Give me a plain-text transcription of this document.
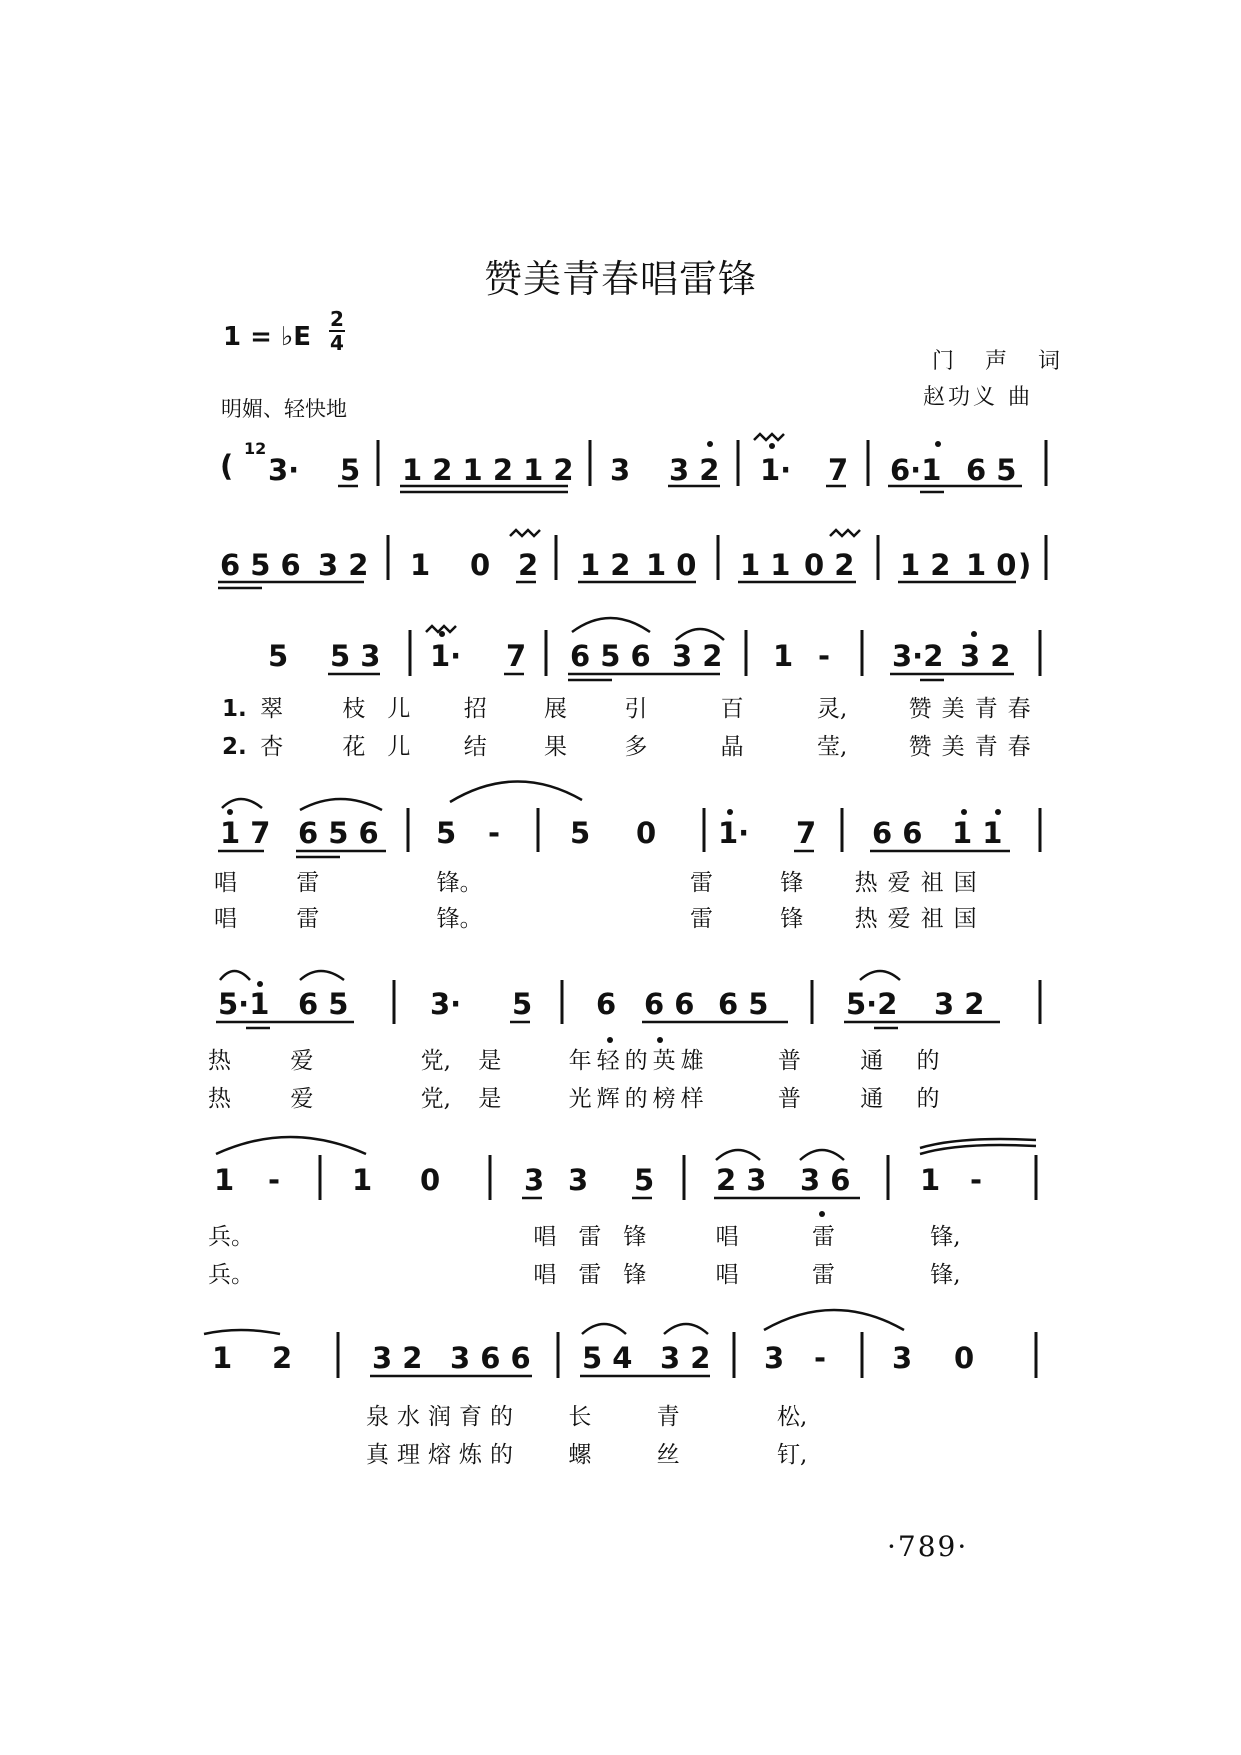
赞美青春唱雷锋
1 = ♭E
2
4
门 声 词
赵功义 曲
明媚、轻快地
(
12
3· 5 1 2 1 2 1 2 3 3 2 1· 7 6·1 6 5
6 5 6 3 2 1 0 2 1 2 1 0 1 1 0 2 1 2 1 0 )
5 5 3 1· 7 6 5 6 3 2 1 - 3·2 3 2
1 7 6 5 6 5 - 5 0 1· 7 6 6 1 1
5·1 6 5	3· 5 6 6 6 6 5	5·2 3 2
1 - 1 0	3 3 5 2 3 3 6 1 -
1 2	3 2 3 6 6 5 4 3 2 3 - 3 0
1. 翠	枝儿 招 展 引	百	灵,	赞美青春
2. 杏	花儿 结 果 多	晶	莹,	赞美青春
唱	雷	锋。	雷	锋 热爱祖国
唱	雷	锋。	雷	锋 热爱祖国
热	爱	党, 是	年轻的英雄	普	通 的
热	爱	党, 是	光辉的榜样	普	通 的
兵。	唱雷锋 唱	雷	锋,
兵。	唱雷锋 唱	雷	锋,
泉水润育的 长	青	松,
真理熔炼的 螺	丝	钉,
·789·
